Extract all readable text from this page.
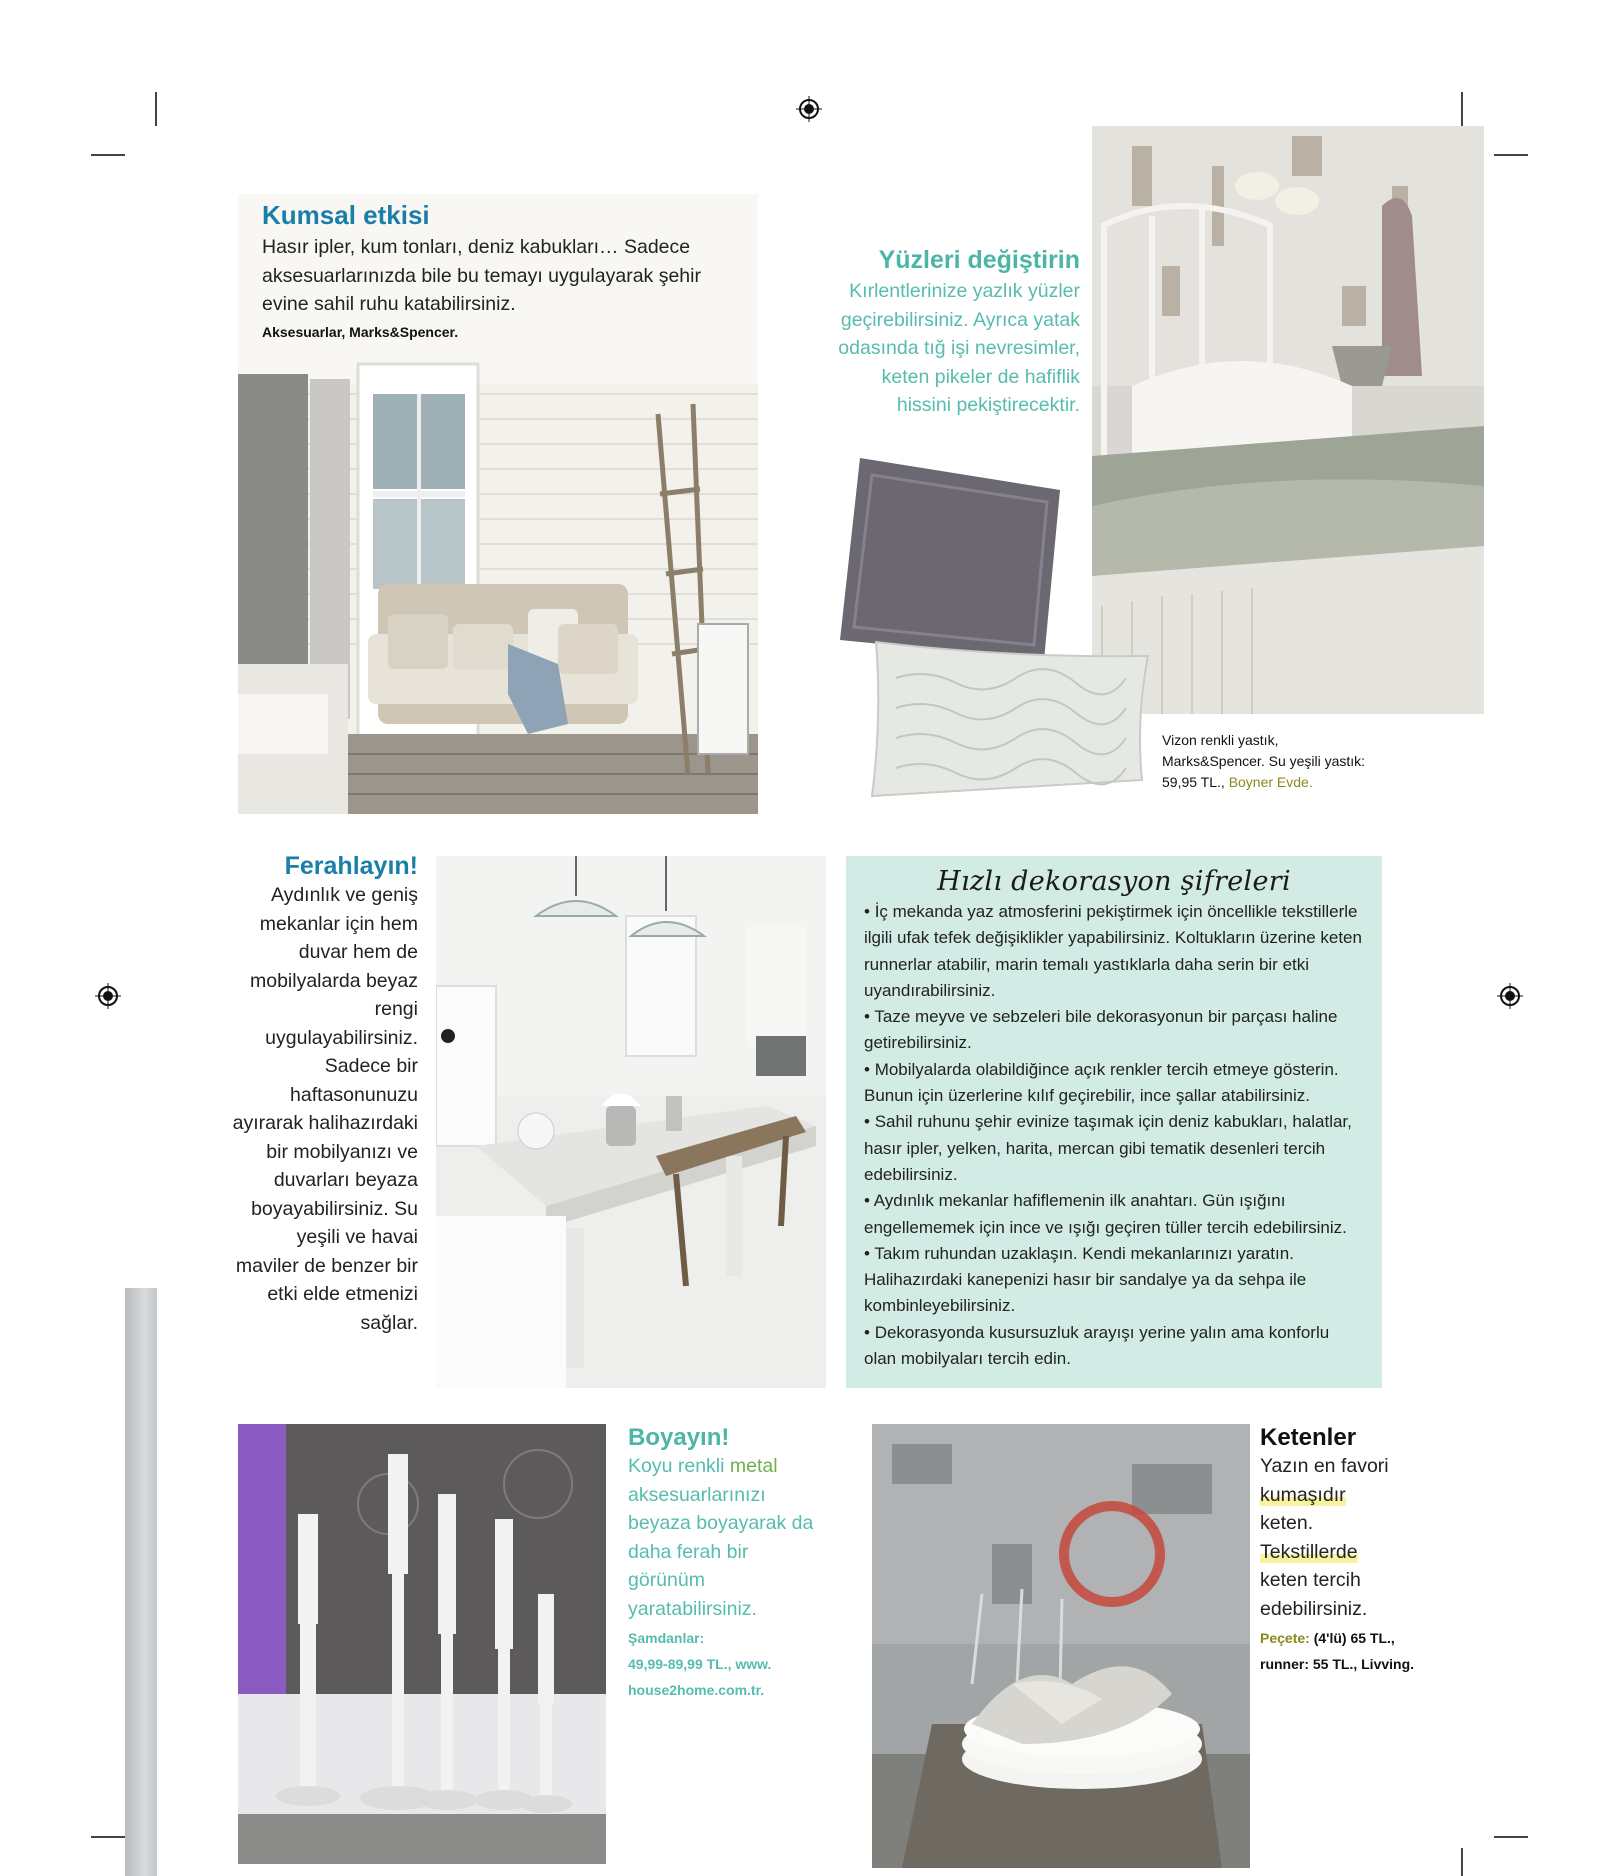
Kumsal etkisi
Hasır ipler, kum tonları, deniz kabukları… Sadece aksesuarlarınızda bile bu temayı uygulayarak şehir evine sahil ruhu katabilirsiniz.
Aksesuarlar, Marks&Spencer.
Yüzleri değiştirin
Kırlentlerinize yazlık yüzler geçirebilirsiniz. Ayrıca yatak odasında tığ işi nevresimler, keten pikeler de hafiflik hissini pekiştirecektir.
Vizon renkli yastık,
Marks&Spencer. Su yeşili yastık:
59,95 TL., Boyner Evde.
Ferahlayın!
Aydınlık ve geniş mekanlar için hem duvar hem de mobilyalarda beyaz rengi uygulayabilirsiniz. Sadece bir haftasonunuzu ayırarak halihazırdaki bir mobilyanızı ve duvarları beyaza boyayabilirsiniz. Su yeşili ve havai maviler de benzer bir etki elde etmenizi sağlar.
Hızlı dekorasyon şifreleri
• İç mekanda yaz atmosferini pekiştirmek için öncellikle tekstillerle ilgili ufak tefek değişiklikler yapabilirsiniz. Koltukların üzerine keten runnerlar atabilir, marin temalı yastıklarla daha serin bir etki uyandırabilirsiniz.
• Taze meyve ve sebzeleri bile dekorasyonun bir parçası haline getirebilirsiniz.
• Mobilyalarda olabildiğince açık renkler tercih etmeye gösterin. Bunun için üzerlerine kılıf geçirebilir, ince şallar atabilirsiniz.
• Sahil ruhunu şehir evinize taşımak için deniz kabukları, halatlar, hasır ipler, yelken, harita, mercan gibi tematik desenleri tercih edebilirsiniz.
• Aydınlık mekanlar hafiflemenin ilk anahtarı. Gün ışığını engellememek için ince ve ışığı geçiren tüller tercih edebilirsiniz.
• Takım ruhundan uzaklaşın. Kendi mekanlarınızı yaratın. Halihazırdaki kanepenizi hasır bir sandalye ya da sehpa ile kombinleyebilirsiniz.
• Dekorasyonda kusursuzluk arayışı yerine yalın ama konforlu olan mobilyaları tercih edin.
Boyayın!
Koyu renkli metal aksesuarlarınızı beyaza boyayarak da daha ferah bir görünüm yaratabilirsiniz.
Şamdanlar:
49,99-89,99 TL., www.
house2home.com.tr.
Ketenler
Yazın en favori
kumaşıdır
keten.
Tekstillerde
keten tercih
edebilirsiniz.
Peçete: (4'lü) 65 TL.,
runner: 55 TL., Livving.
